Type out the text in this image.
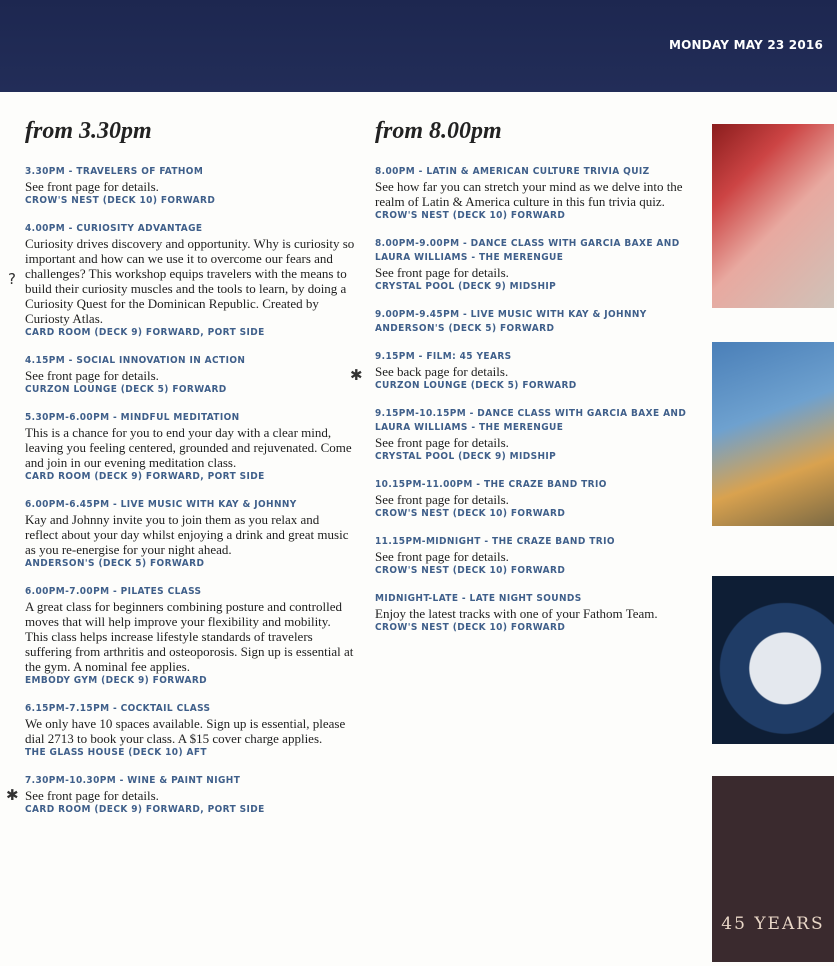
MONDAY MAY 23 2016
from 3.30pm
3.30PM - TRAVELERS OF FATHOM
See front page for details.
CROW'S NEST (DECK 10) FORWARD
4.00PM - CURIOSITY ADVANTAGE
Curiosity drives discovery and opportunity. Why is curiosity so important and how can we use it to overcome our fears and challenges? This workshop equips travelers with the means to build their curiosity muscles and the tools to learn, by doing a Curiosity Quest for the Dominican Republic. Created by Curiosty Atlas.
CARD ROOM (DECK 9) FORWARD, PORT SIDE
4.15PM - SOCIAL INNOVATION IN ACTION
See front page for details.
CURZON LOUNGE (DECK 5) FORWARD
5.30PM-6.00PM - MINDFUL MEDITATION
This is a chance for you to end your day with a clear mind, leaving you feeling centered, grounded and rejuvenated. Come and join in our evening meditation class.
CARD ROOM (DECK 9) FORWARD, PORT SIDE
6.00PM-6.45PM - LIVE MUSIC WITH KAY & JOHNNY
Kay and Johnny invite you to join them as you relax and reflect about your day whilst enjoying a drink and great music as you re-energise for your night ahead.
ANDERSON'S (DECK 5) FORWARD
6.00PM-7.00PM - PILATES CLASS
A great class for beginners combining posture and controlled moves that will help improve your flexibility and mobility. This class helps increase lifestyle standards of travelers suffering from arthritis and osteoporosis. Sign up is essential at the gym. A nominal fee applies.
EMBODY GYM (DECK 9) FORWARD
6.15PM-7.15PM - COCKTAIL CLASS
We only have 10 spaces available. Sign up is essential, please dial 2713 to book your class. A $15 cover charge applies.
THE GLASS HOUSE (DECK 10) AFT
7.30PM-10.30PM - WINE & PAINT NIGHT
See front page for details.
CARD ROOM (DECK 9) FORWARD, PORT SIDE
from 8.00pm
8.00PM - LATIN & AMERICAN CULTURE TRIVIA QUIZ
See how far you can stretch your mind as we delve into the realm of Latin & America culture in this fun trivia quiz.
CROW'S NEST (DECK 10) FORWARD
8.00PM-9.00PM - DANCE CLASS WITH GARCIA BAXE AND LAURA WILLIAMS - THE MERENGUE
See front page for details.
CRYSTAL POOL (DECK 9) MIDSHIP
9.00PM-9.45PM - LIVE MUSIC WITH KAY & JOHNNY
ANDERSON'S (DECK 5) FORWARD
9.15PM - FILM: 45 YEARS
See back page for details.
CURZON LOUNGE (DECK 5) FORWARD
9.15PM-10.15PM - DANCE CLASS WITH GARCIA BAXE AND LAURA WILLIAMS - THE MERENGUE
See front page for details.
CRYSTAL POOL (DECK 9) MIDSHIP
10.15PM-11.00PM - THE CRAZE BAND TRIO
See front page for details.
CROW'S NEST (DECK 10) FORWARD
11.15PM-MIDNIGHT - THE CRAZE BAND TRIO
See front page for details.
CROW'S NEST (DECK 10) FORWARD
MIDNIGHT-LATE - LATE NIGHT SOUNDS
Enjoy the latest tracks with one of your Fathom Team.
CROW'S NEST (DECK 10) FORWARD
45 YEARS
?
✱
✱
